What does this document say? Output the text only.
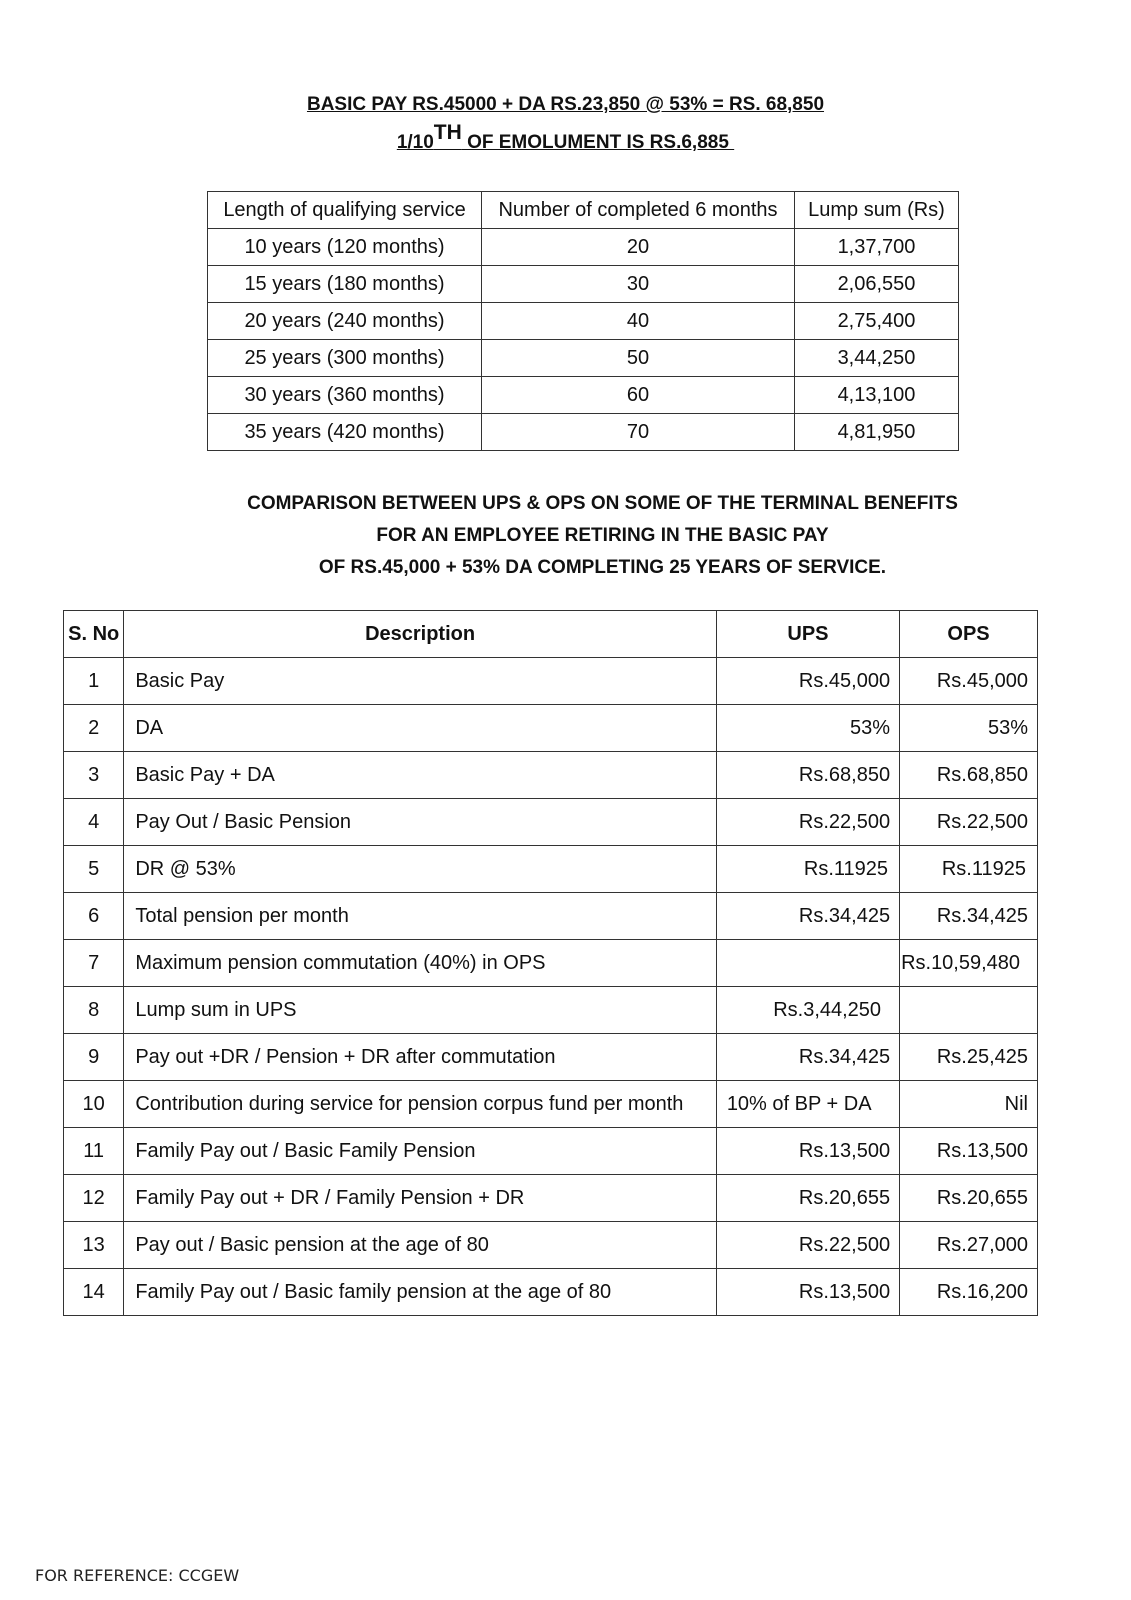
BASIC PAY RS.45000 + DA RS.23,850 @ 53% = RS. 68,850
1/10TH OF EMOLUMENT IS RS.6,885
Length of qualifying service	Number of completed 6 months	Lump sum (Rs)
10 years (120 months)	20	1,37,700
15 years (180 months)	30	2,06,550
20 years (240 months)	40	2,75,400
25 years (300 months)	50	3,44,250
30 years (360 months)	60	4,13,100
35 years (420 months)	70	4,81,950
COMPARISON BETWEEN UPS & OPS ON SOME OF THE TERMINAL BENEFITS
FOR AN EMPLOYEE RETIRING IN THE BASIC PAY
OF RS.45,000 + 53% DA COMPLETING 25 YEARS OF SERVICE.
S. No	Description	UPS	OPS
1	Basic Pay	Rs.45,000	Rs.45,000
2	DA	53%	53%
3	Basic Pay + DA	Rs.68,850	Rs.68,850
4	Pay Out / Basic Pension	Rs.22,500	Rs.22,500
5	DR @ 53%	Rs.11925	Rs.11925
6	Total pension per month	Rs.34,425	Rs.34,425
7	Maximum pension commutation (40%) in OPS		Rs.10,59,480
8	Lump sum in UPS	Rs.3,44,250	
9	Pay out +DR / Pension + DR after commutation	Rs.34,425	Rs.25,425
10	Contribution during service for pension corpus fund per month	10% of BP + DA	Nil
11	Family Pay out / Basic Family Pension	Rs.13,500	Rs.13,500
12	Family Pay out + DR / Family Pension + DR	Rs.20,655	Rs.20,655
13	Pay out / Basic pension at the age of 80	Rs.22,500	Rs.27,000
14	Family Pay out / Basic family pension at the age of 80	Rs.13,500	Rs.16,200
FOR REFERENCE: CCGEW
